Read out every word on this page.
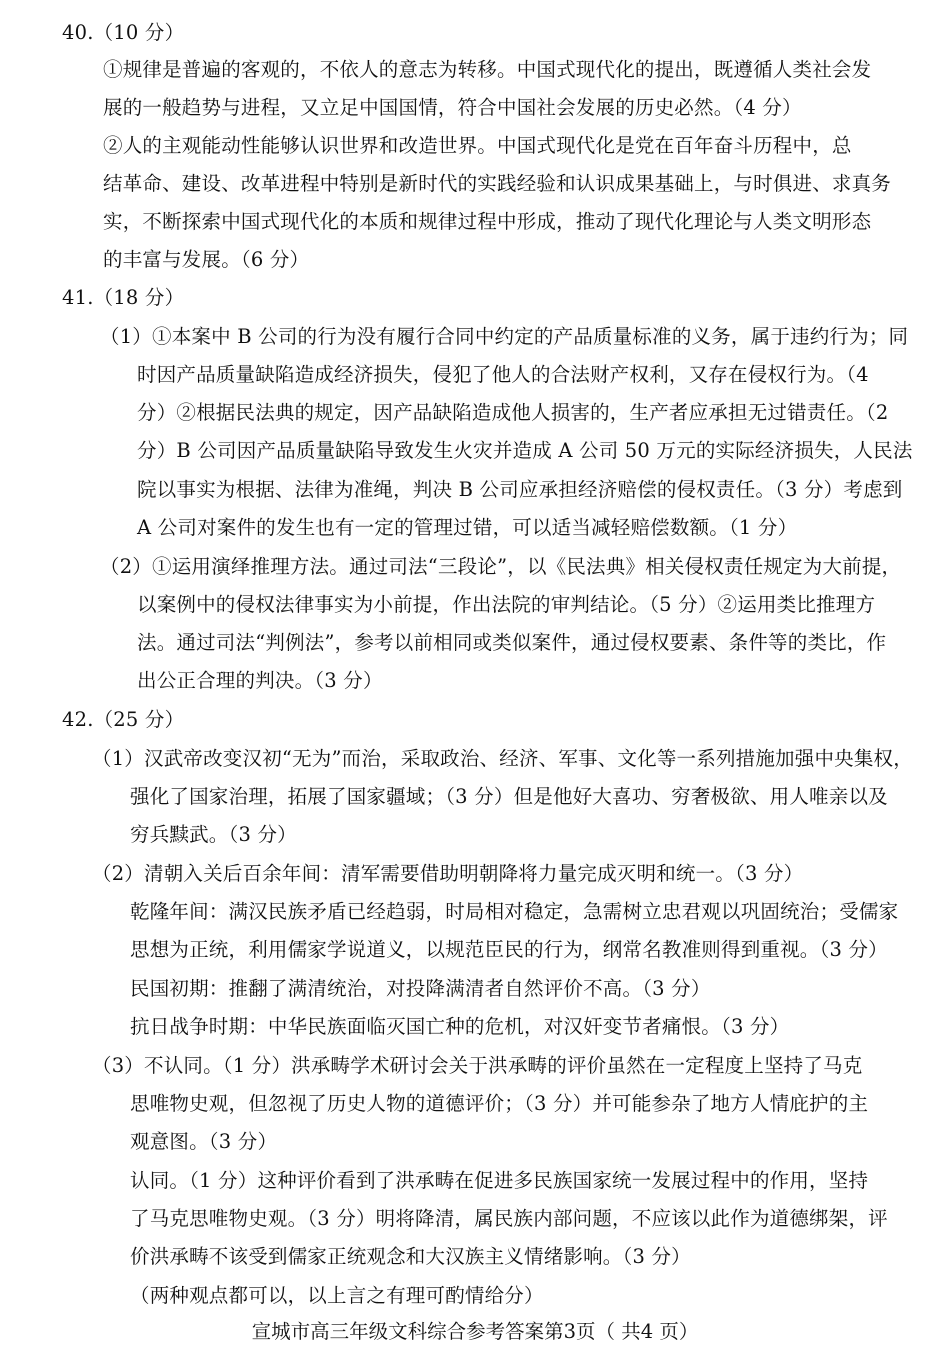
40.（10 分）
①规律是普遍的客观的，不依人的意志为转移。中国式现代化的提出，既遵循人类社会发
展的一般趋势与进程，又立足中国国情，符合中国社会发展的历史必然。（4 分）
②人的主观能动性能够认识世界和改造世界。中国式现代化是党在百年奋斗历程中，总
结革命、建设、改革进程中特别是新时代的实践经验和认识成果基础上，与时俱进、求真务
实，不断探索中国式现代化的本质和规律过程中形成，推动了现代化理论与人类文明形态
的丰富与发展。（6 分）
41.（18 分）
（1）①本案中 B 公司的行为没有履行合同中约定的产品质量标准的义务，属于违约行为；同
时因产品质量缺陷造成经济损失，侵犯了他人的合法财产权利，又存在侵权行为。（4
分）②根据民法典的规定，因产品缺陷造成他人损害的，生产者应承担无过错责任。（2
分）B 公司因产品质量缺陷导致发生火灾并造成 A 公司 50 万元的实际经济损失，人民法
院以事实为根据、法律为准绳，判决 B 公司应承担经济赔偿的侵权责任。（3 分）考虑到
A 公司对案件的发生也有一定的管理过错，可以适当减轻赔偿数额。（1 分）
（2）①运用演绎推理方法。通过司法“三段论”，以《民法典》相关侵权责任规定为大前提，
以案例中的侵权法律事实为小前提，作出法院的审判结论。（5 分）②运用类比推理方
法。通过司法“判例法”，参考以前相同或类似案件，通过侵权要素、条件等的类比，作
出公正合理的判决。（3 分）
42.（25 分）
（1）汉武帝改变汉初“无为”而治，采取政治、经济、军事、文化等一系列措施加强中央集权，
强化了国家治理，拓展了国家疆域；（3 分）但是他好大喜功、穷奢极欲、用人唯亲以及
穷兵黩武。（3 分）
（2）清朝入关后百余年间：清军需要借助明朝降将力量完成灭明和统一。（3 分）
乾隆年间：满汉民族矛盾已经趋弱，时局相对稳定，急需树立忠君观以巩固统治；受儒家
思想为正统，利用儒家学说道义，以规范臣民的行为，纲常名教准则得到重视。（3 分）
民国初期：推翻了满清统治，对投降满清者自然评价不高。（3 分）
抗日战争时期：中华民族面临灭国亡种的危机，对汉奸变节者痛恨。（3 分）
（3）不认同。（1 分）洪承畴学术研讨会关于洪承畴的评价虽然在一定程度上坚持了马克
思唯物史观，但忽视了历史人物的道德评价；（3 分）并可能参杂了地方人情庇护的主
观意图。（3 分）
认同。（1 分）这种评价看到了洪承畴在促进多民族国家统一发展过程中的作用，坚持
了马克思唯物史观。（3 分）明将降清，属民族内部问题，不应该以此作为道德绑架，评
价洪承畴不该受到儒家正统观念和大汉族主义情绪影响。（3 分）
（两种观点都可以，以上言之有理可酌情给分）
宣城市高三年级文科综合参考答案第3页（ 共4 页）
